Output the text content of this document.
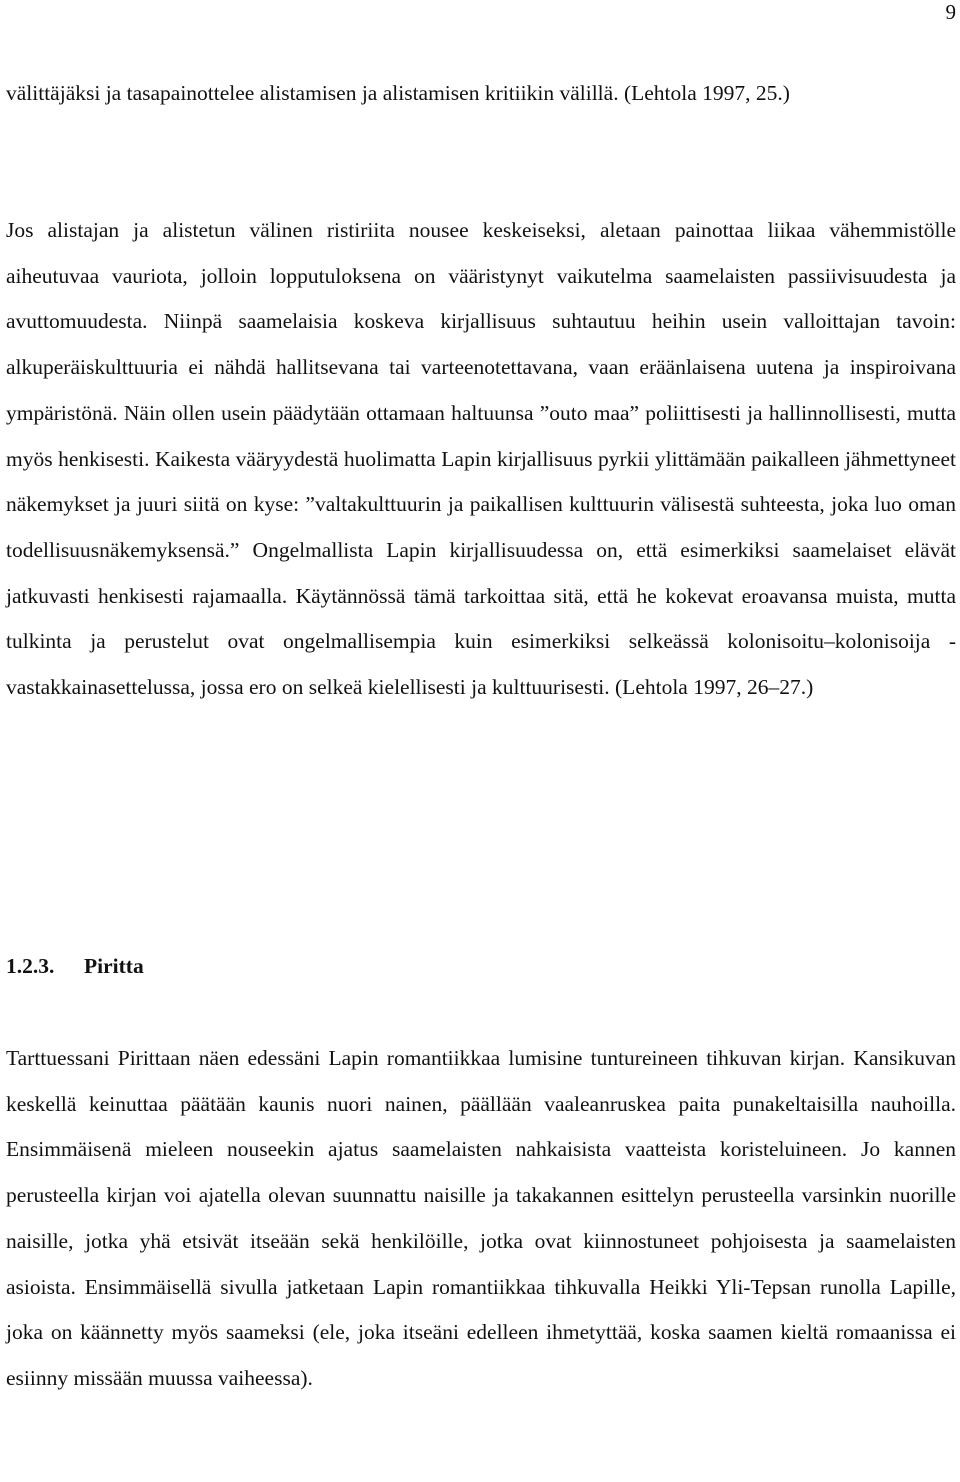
9

välittäjäksi ja tasapainottelee alistamisen ja alistamisen kritiikin välillä. (Lehtola 1997, 25.)

Jos alistajan ja alistetun välinen ristiriita nousee keskeiseksi, aletaan painottaa liikaa vähemmistölle aiheutuvaa vauriota, jolloin lopputuloksena on vääristynyt vaikutelma saamelaisten passiivisuudesta ja avuttomuudesta. Niinpä saamelaisia koskeva kirjallisuus suhtautuu heihin usein valloittajan tavoin: alkuperäiskulttuuria ei nähdä hallitsevana tai varteenotettavana, vaan eräänlaisena uutena ja inspiroivana ympäristönä. Näin ollen usein päädytään ottamaan haltuunsa ”outo maa” poliittisesti ja hallinnollisesti, mutta myös henkisesti. Kaikesta vääryydestä huolimatta Lapin kirjallisuus pyrkii ylittämään paikalleen jähmettyneet näkemykset ja juuri siitä on kyse: ”valtakulttuurin ja paikallisen kulttuurin välisestä suhteesta, joka luo oman todellisuusnäkemyksensä.” Ongelmallista Lapin kirjallisuudessa on, että esimerkiksi saamelaiset elävät jatkuvasti henkisesti rajamaalla. Käytännössä tämä tarkoittaa sitä, että he kokevat eroavansa muista, mutta tulkinta ja perustelut ovat ongelmallisempia kuin esimerkiksi selkeässä kolonisoitu–kolonisoija -vastakkainasettelussa, jossa ero on selkeä kielellisesti ja kulttuurisesti. (Lehtola 1997, 26–27.)

1.2.3. Piritta

Tarttuessani Pirittaan näen edessäni Lapin romantiikkaa lumisine tuntureineen tihkuvan kirjan. Kansikuvan keskellä keinuttaa päätään kaunis nuori nainen, päällään vaaleanruskea paita punakeltaisilla nauhoilla. Ensimmäisenä mieleen nouseekin ajatus saamelaisten nahkaisista vaatteista koristeluineen. Jo kannen perusteella kirjan voi ajatella olevan suunnattu naisille ja takakannen esittelyn perusteella varsinkin nuorille naisille, jotka yhä etsivät itseään sekä henkilöille, jotka ovat kiinnostuneet pohjoisesta ja saamelaisten asioista. Ensimmäisellä sivulla jatketaan Lapin romantiikkaa tihkuvalla Heikki Yli-Tepsan runolla Lapille, joka on käännetty myös saameksi (ele, joka itseäni edelleen ihmetyttää, koska saamen kieltä romaanissa ei esiinny missään muussa vaiheessa).
